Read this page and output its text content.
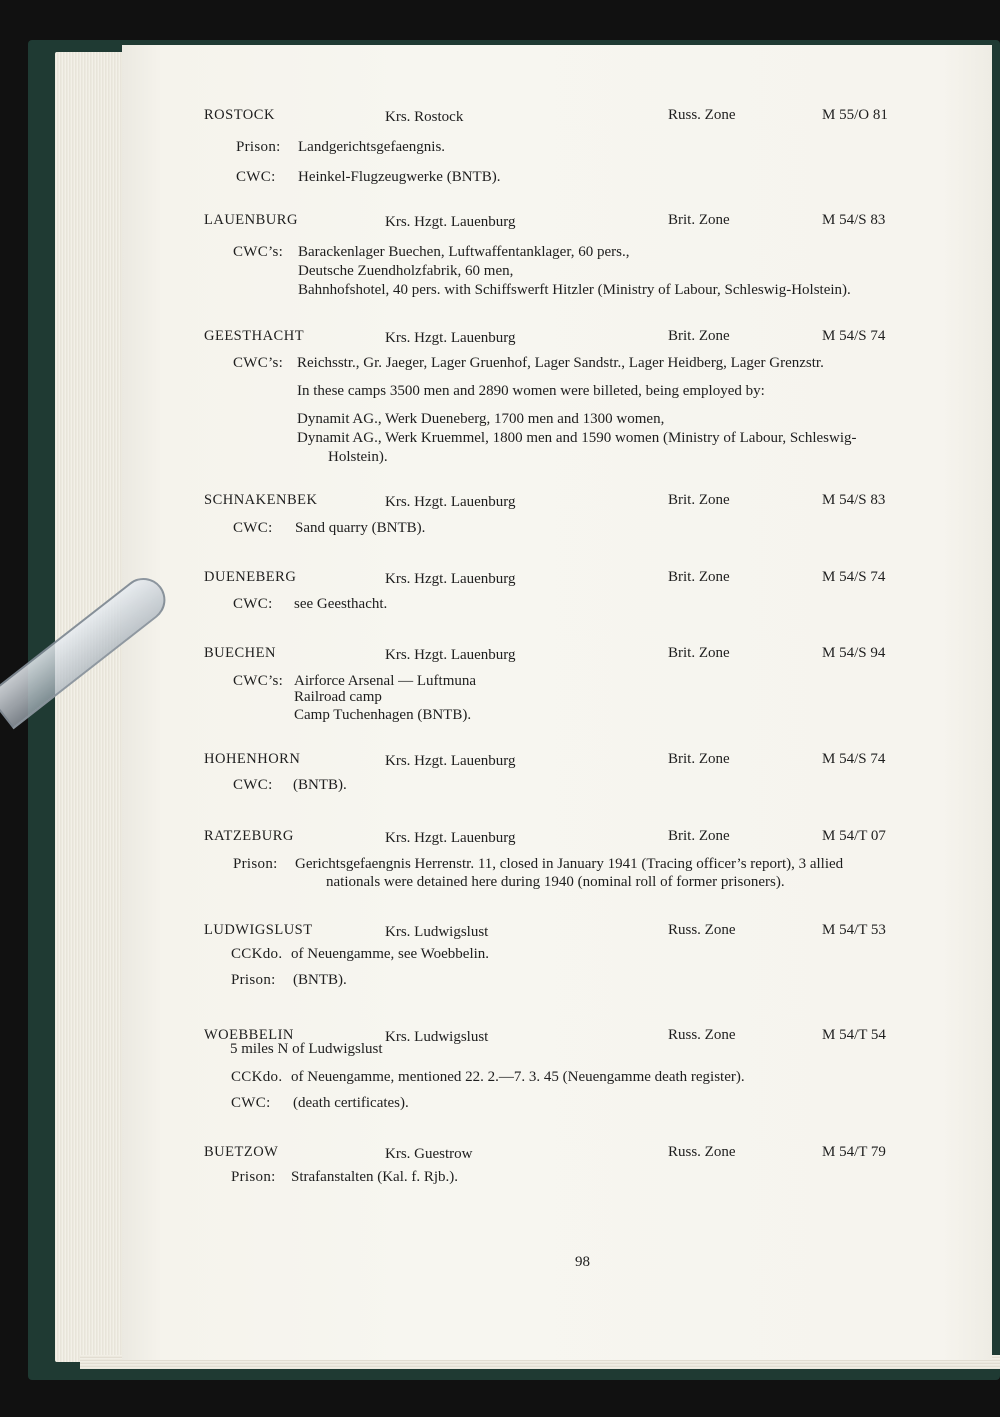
ROSTOCK	Krs. Rostock	Russ. Zone	M 55/O 81
Prison: Landgerichtsgefaengnis.
CWC: Heinkel-Flugzeugwerke (BNTB).
LAUENBURG	Krs. Hzgt. Lauenburg	Brit. Zone	M 54/S 83
CWC’s: Barackenlager Buechen, Luftwaffentanklager, 60 pers.,
Deutsche Zuendholzfabrik, 60 men,
Bahnhofshotel, 40 pers. with Schiffswerft Hitzler (Ministry of Labour, Schleswig-Holstein).
GEESTHACHT	Krs. Hzgt. Lauenburg	Brit. Zone	M 54/S 74
CWC’s: Reichsstr., Gr. Jaeger, Lager Gruenhof, Lager Sandstr., Lager Heidberg, Lager Grenzstr.
In these camps 3500 men and 2890 women were billeted, being employed by:
Dynamit AG., Werk Dueneberg, 1700 men and 1300 women,
Dynamit AG., Werk Kruemmel, 1800 men and 1590 women (Ministry of Labour, Schleswig-
Holstein).
SCHNAKENBEK	Krs. Hzgt. Lauenburg	Brit. Zone	M 54/S 83
CWC: Sand quarry (BNTB).
DUENEBERG	Krs. Hzgt. Lauenburg	Brit. Zone	M 54/S 74
CWC: see Geesthacht.
BUECHEN	Krs. Hzgt. Lauenburg	Brit. Zone	M 54/S 94
CWC’s: Airforce Arsenal — Luftmuna
Railroad camp
Camp Tuchenhagen (BNTB).
HOHENHORN	Krs. Hzgt. Lauenburg	Brit. Zone	M 54/S 74
CWC: (BNTB).
RATZEBURG	Krs. Hzgt. Lauenburg	Brit. Zone	M 54/T 07
Prison: Gerichtsgefaengnis Herrenstr. 11, closed in January 1941 (Tracing officer’s report), 3 allied
nationals were detained here during 1940 (nominal roll of former prisoners).
LUDWIGSLUST	Krs. Ludwigslust	Russ. Zone	M 54/T 53
CCKdo. of Neuengamme, see Woebbelin.
Prison: (BNTB).
WOEBBELIN	Krs. Ludwigslust	Russ. Zone	M 54/T 54
5 miles N of Ludwigslust
CCKdo. of Neuengamme, mentioned 22. 2.—7. 3. 45 (Neuengamme death register).
CWC: (death certificates).
BUETZOW	Krs. Guestrow	Russ. Zone	M 54/T 79
Prison: Strafanstalten (Kal. f. Rjb.).
98
